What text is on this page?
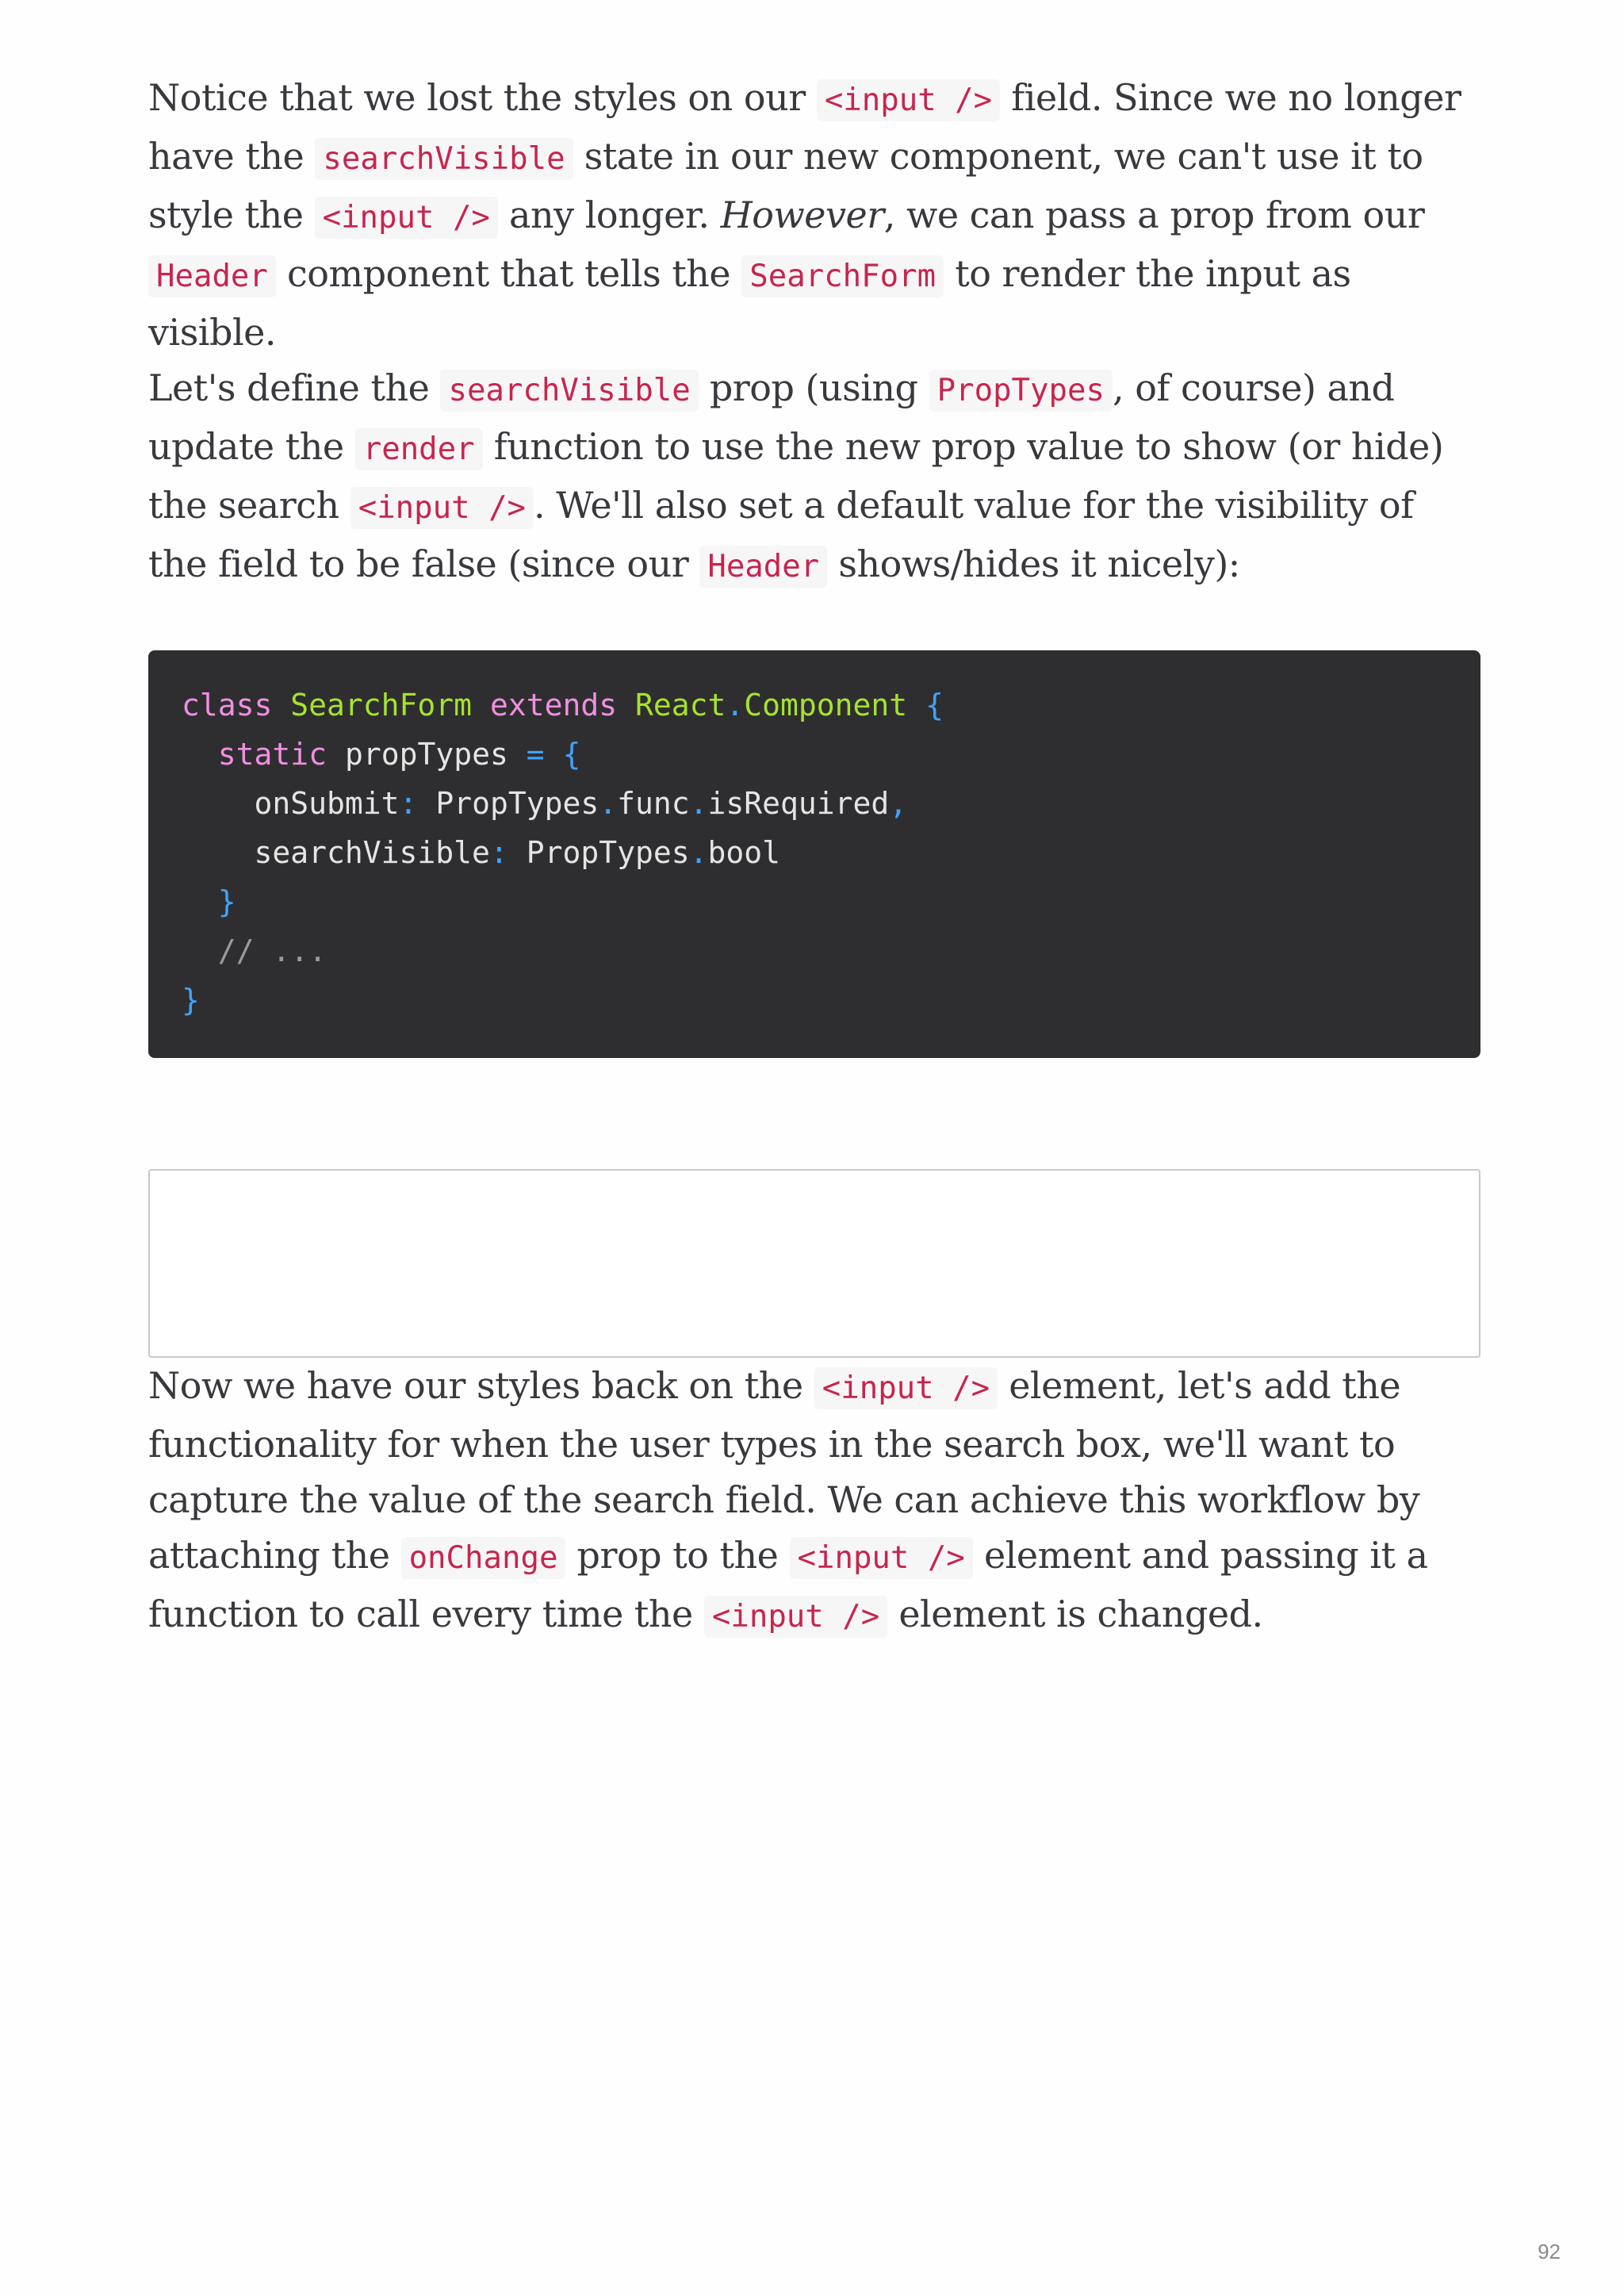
Notice that we lost the styles on our <input /> field. Since we no longer have the searchVisible state in our new component, we can't use it to style the <input /> any longer. However, we can pass a prop from our Header component that tells the SearchForm to render the input as visible.

Let's define the searchVisible prop (using PropTypes , of course) and update the render function to use the new prop value to show (or hide) the search <input /> . We'll also set a default value for the visibility of the field to be false (since our Header shows/hides it nicely):

class SearchForm extends React.Component {
static propTypes = {
onSubmit: PropTypes.func.isRequired,
searchVisible: PropTypes.bool
}
// ...
}

Now we have our styles back on the <input /> element, let's add the functionality for when the user types in the search box, we'll want to capture the value of the search field. We can achieve this workflow by attaching the onChange prop to the <input /> element and passing it a function to call every time the <input /> element is changed.

92
